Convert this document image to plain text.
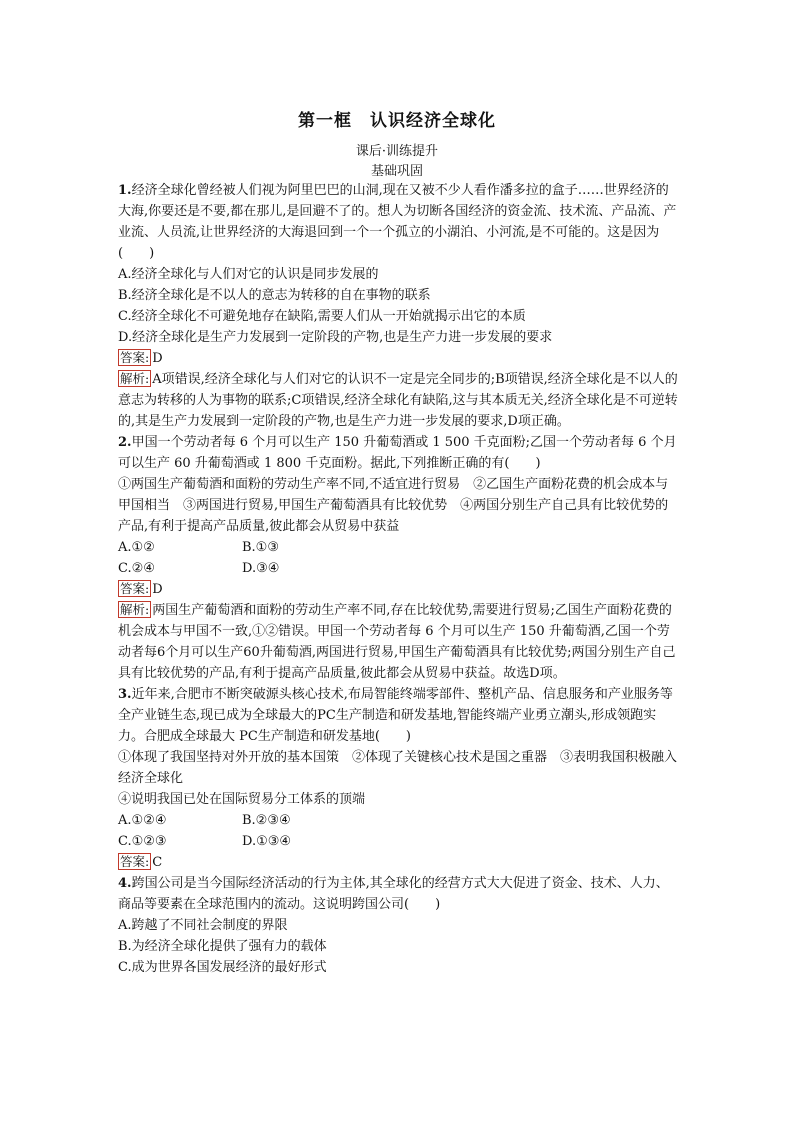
第一框　认识经济全球化
课后·训练提升
基础巩固

1.经济全球化曾经被人们视为阿里巴巴的山洞,现在又被不少人看作潘多拉的盒子……世界经济的大海,你要还是不要,都在那儿,是回避不了的。想人为切断各国经济的资金流、技术流、产品流、产业流、人员流,让世界经济的大海退回到一个一个孤立的小湖泊、小河流,是不可能的。这是因为(　　)

A.经济全球化与人们对它的认识是同步发展的

B.经济全球化是不以人的意志为转移的自在事物的联系

C.经济全球化不可避免地存在缺陷,需要人们从一开始就揭示出它的本质

D.经济全球化是生产力发展到一定阶段的产物,也是生产力进一步发展的要求

答案: D

解析: A项错误,经济全球化与人们对它的认识不一定是完全同步的;B项错误,经济全球化是不以人的意志为转移的人为事物的联系;C项错误,经济全球化有缺陷,这与其本质无关,经济全球化是不可逆转的,其是生产力发展到一定阶段的产物,也是生产力进一步发展的要求,D项正确。

2.甲国一个劳动者每 6 个月可以生产 150 升葡萄酒或 1 500 千克面粉;乙国一个劳动者每 6 个月可以生产 60 升葡萄酒或 1 800 千克面粉。据此,下列推断正确的有(　　)

①两国生产葡萄酒和面粉的劳动生产率不同,不适宜进行贸易　②乙国生产面粉花费的机会成本与甲国相当　③两国进行贸易,甲国生产葡萄酒具有比较优势　④两国分别生产自己具有比较优势的产品,有利于提高产品质量,彼此都会从贸易中获益

A.①②	B.①③
C.②④	D.③④

答案: D

解析: 两国生产葡萄酒和面粉的劳动生产率不同,存在比较优势,需要进行贸易;乙国生产面粉花费的机会成本与甲国不一致,①②错误。甲国一个劳动者每 6 个月可以生产 150 升葡萄酒,乙国一个劳动者每6个月可以生产60升葡萄酒,两国进行贸易,甲国生产葡萄酒具有比较优势;两国分别生产自己具有比较优势的产品,有利于提高产品质量,彼此都会从贸易中获益。故选D项。

3.近年来,合肥市不断突破源头核心技术,布局智能终端零部件、整机产品、信息服务和产业服务等全产业链生态,现已成为全球最大的PC生产制造和研发基地,智能终端产业勇立潮头,形成领跑实力。合肥成全球最大 PC生产制造和研发基地(　　)

①体现了我国坚持对外开放的基本国策　②体现了关键核心技术是国之重器　③表明我国积极融入经济全球化

④说明我国已处在国际贸易分工体系的顶端

A.①②④	B.②③④
C.①②③	D.①③④

答案: C

4.跨国公司是当今国际经济活动的行为主体,其全球化的经营方式大大促进了资金、技术、人力、商品等要素在全球范围内的流动。这说明跨国公司(　　)

A.跨越了不同社会制度的界限

B.为经济全球化提供了强有力的载体

C.成为世界各国发展经济的最好形式
